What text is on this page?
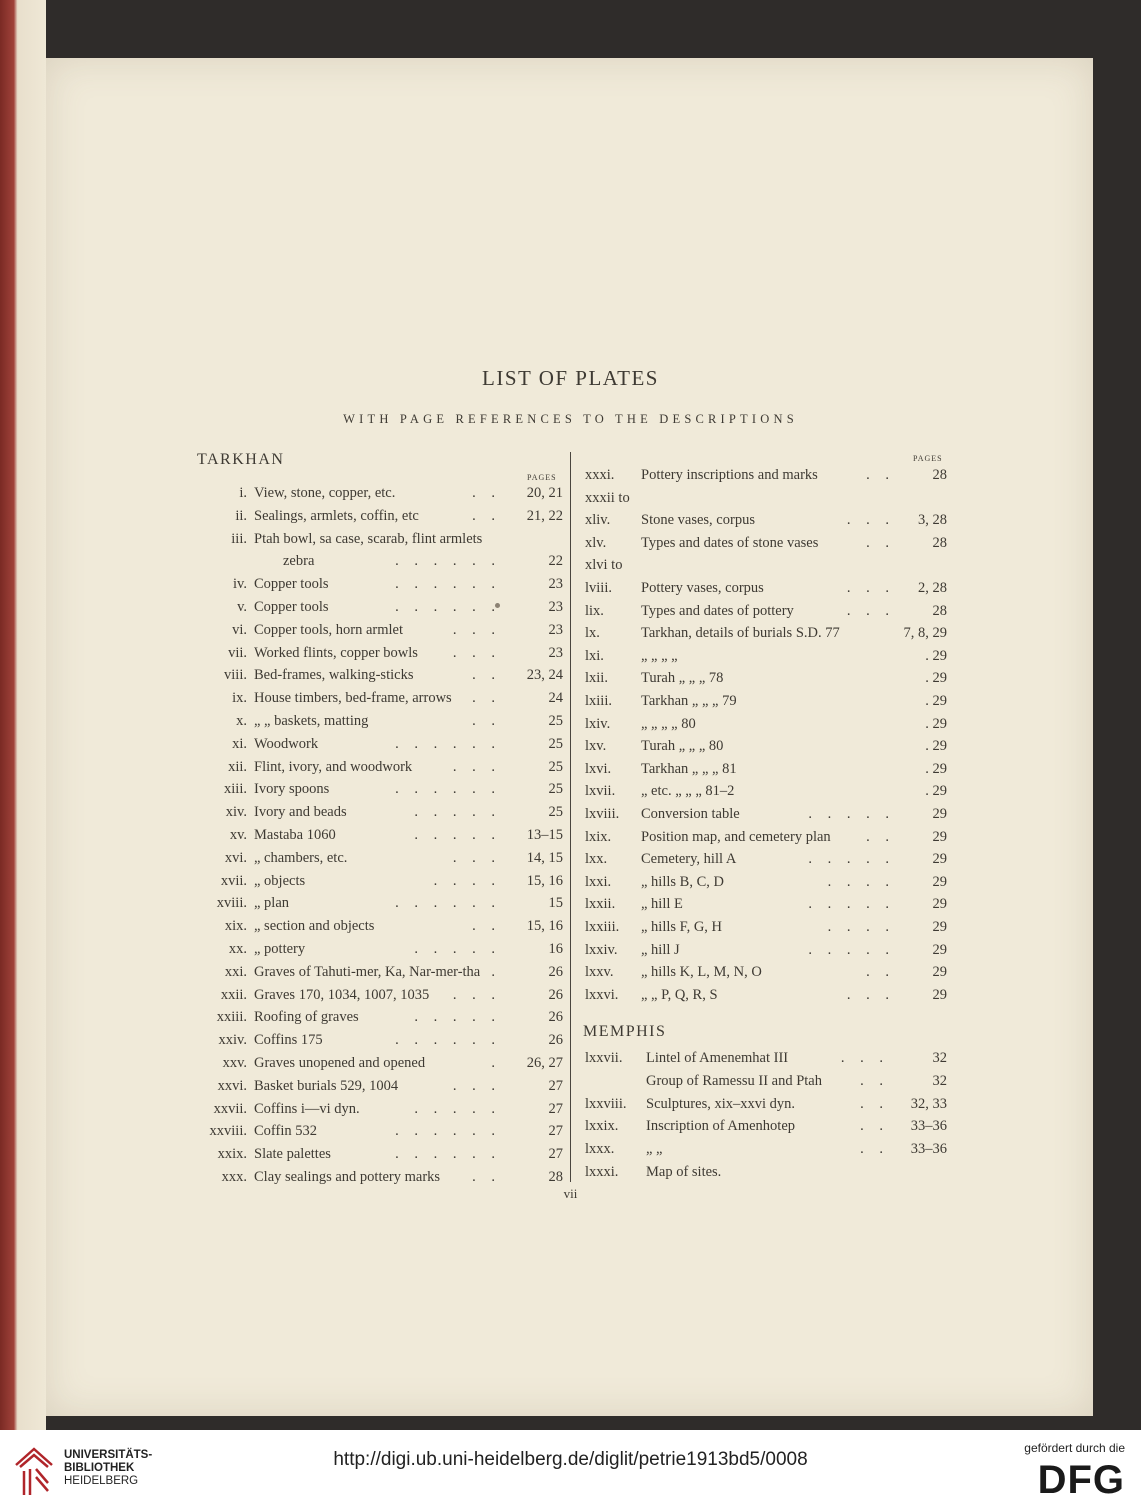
LIST OF PLATES
WITH PAGE REFERENCES TO THE DESCRIPTIONS
TARKHAN
PAGES
PAGES
i. View, stone, copper, etc.	. . 20, 21
ii. Sealings, armlets, coffin, etc	. . 21, 22
iii. Ptah bowl, sa case, scarab, flint armlets
zebra	. . . . . .	22
iv. Copper tools	. . . . . .	23
v. Copper tools	. . . . . .	23
vi. Copper tools, horn armlet	. . .	23
vii. Worked flints, copper bowls . . .	23
viii. Bed-frames, walking-sticks	. . 23, 24
ix. House timbers, bed-frame, arrows . .	24
x. „ „ baskets, matting	. .	25
xi. Woodwork	. . . . . .	25
xii. Flint, ivory, and woodwork	. . .	25
xiii. Ivory spoons	. . . . . .	25
xiv. Ivory and beads	. . . . .	25
xv. Mastaba 1060	. . . . . 13–15
xvi. „ chambers, etc.	. . . 14, 15
xvii. „ objects	. . . . 15, 16
xviii. „ plan	. . . . . .	15
xix. „ section and objects	. . 15, 16
xx. „ pottery	. . . . .	16
xxi. Graves of Tahuti-mer, Ka, Nar-mer-tha .	26
xxii. Graves 170, 1034, 1007, 1035 . . .	26
xxiii. Roofing of graves	. . . . .	26
xxiv. Coffins 175	. . . . . .	26
xxv. Graves unopened and opened	. 26, 27
xxvi. Basket burials 529, 1004	. . .	27
xxvii. Coffins i—vi dyn.	. . . . .	27
xxviii. Coffin 532	. . . . . .	27
xxix. Slate palettes	. . . . . .	27
xxx. Clay sealings and pottery marks . .	28
xxxi. Pottery inscriptions and marks	. .	28
xxxii to
xliv. Stone vases, corpus	. . . 3, 28
xlv. Types and dates of stone vases	. .	28
xlvi to
lviii. Pottery vases, corpus	. . . 2, 28
lix.	Types and dates of pottery	. . .	28
lx.	Tarkhan, details of burials S.D. 77	7, 8, 29
lxi.	„ „ „ „	. 29
lxii. Turah „ „ „ 78	. 29
lxiii. Tarkhan „ „ „ 79	. 29
lxiv. „ „ „ „ 80	. 29
lxv. Turah „ „ „ 80	. 29
lxvi. Tarkhan „ „ „ 81	. 29
lxvii. „ etc. „ „ „ 81–2	. 29
lxviii. Conversion table	. . . . .	29
lxix. Position map, and cemetery plan . .	29
lxx. Cemetery, hill A	. . . . .	29
lxxi. „ hills B, C, D	. . . .	29
lxxii. „ hill E	. . . . .	29
lxxiii. „ hills F, G, H	. . . .	29
lxxiv. „ hill J	. . . . .	29
lxxv. „ hills K, L, M, N, O	. .	29
lxxvi. „ „ P, Q, R, S	. . .	29
MEMPHIS
lxxvii. Lintel of Amenemhat III	. . .	32
Group of Ramessu II and Ptah	. .	32
lxxviii. Sculptures, xix–xxvi dyn.	. . 32, 33
lxxix. Inscription of Amenhotep	. . 33–36
lxxx. „ „	. . 33–36
lxxxi. Map of sites.
vii
UNIVERSITÄTS-
BIBLIOTHEK
HEIDELBERG
http://digi.ub.uni-heidelberg.de/diglit/petrie1913bd5/0008
gefördert durch die
DFG
